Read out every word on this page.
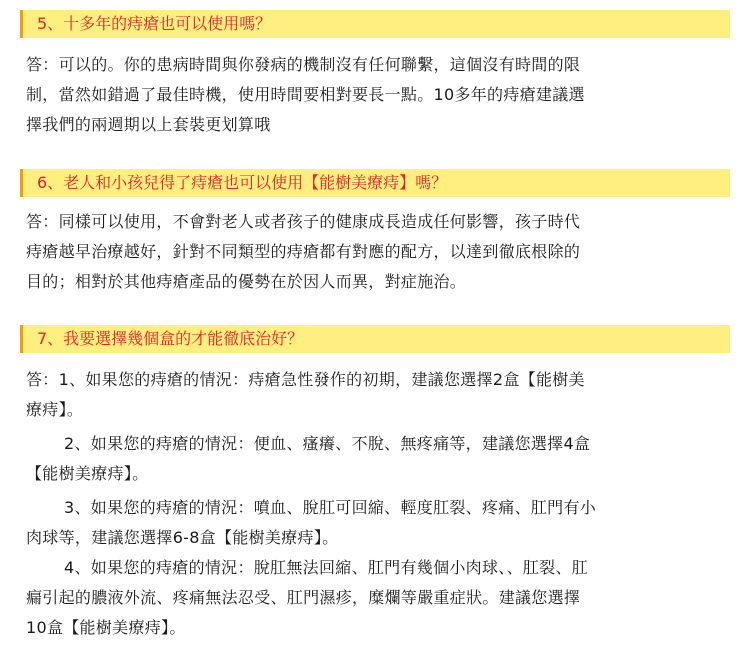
5、十多年的痔瘡也可以使用嗎？
答：可以的。你的患病時間與你發病的機制沒有任何聯繫，這個沒有時間的限
制，當然如錯過了最佳時機，使用時間要相對要長一點。10多年的痔瘡建議選
擇我們的兩週期以上套裝更划算哦
6、老人和小孩兒得了痔瘡也可以使用【能樹美療痔】嗎？
答：同樣可以使用，不會對老人或者孩子的健康成長造成任何影響，孩子時代
痔瘡越早治療越好，針對不同類型的痔瘡都有對應的配方，以達到徹底根除的
目的；相對於其他痔瘡產品的優勢在於因人而異，對症施治。
7、我要選擇幾個盒的才能徹底治好？
答：1、如果您的痔瘡的情況：痔瘡急性發作的初期，建議您選擇2盒【能樹美
療痔】。
2、如果您的痔瘡的情況：便血、瘙癢、不脫、無疼痛等，建議您選擇4盒
【能樹美療痔】。
3、如果您的痔瘡的情況：噴血、脫肛可回縮、輕度肛裂、疼痛、肛門有小
肉球等，建議您選擇6-8盒【能樹美療痔】。
4、如果您的痔瘡的情況：脫肛無法回縮、肛門有幾個小肉球、、肛裂、肛
瘺引起的膿液外流、疼痛無法忍受、肛門濕疹，糜爛等嚴重症狀。建議您選擇
10盒【能樹美療痔】。
